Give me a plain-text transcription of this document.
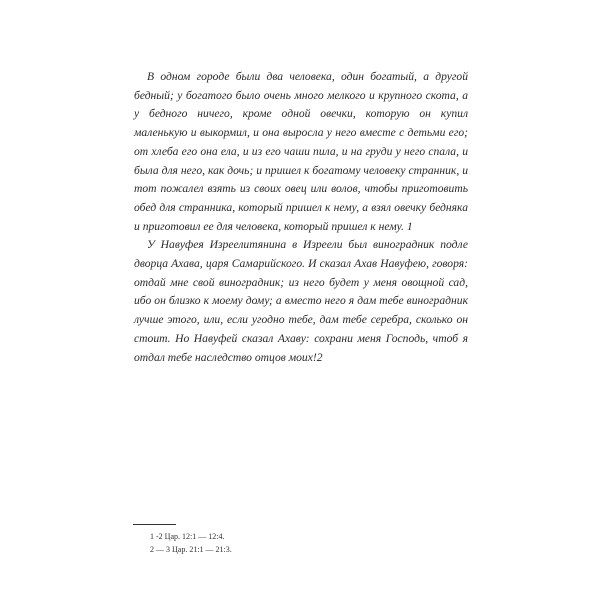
В одном городе были два человека, один богатый, а другой бедный; у богатого было очень много мелкого и крупного скота, а у бедного ничего, кроме одной овечки, которую он купил маленькую и выкормил, и она выросла у него вместе с детьми его; от хлеба его она ела, и из его чаши пила, и на груди у него спала, и была для него, как дочь; и пришел к богатому человеку странник, и тот пожалел взять из своих овец или волов, чтобы приготовить обед для странника, который пришел к нему, а взял овечку бедняка и приготовил ее для человека, который пришел к нему. 1

У Навуфея Изреелитянина в Изреели был виноградник подле дворца Ахава, царя Самарийского. И сказал Ахав Навуфею, говоря: отдай мне свой виноградник; из него будет у меня овощной сад, ибо он близко к моему дому; а вместо него я дам тебе виноградник лучше этого, или, если угодно тебе, дам тебе серебра, сколько он стоит. Но Навуфей сказал Ахаву: сохрани меня Господь, чтоб я отдал тебе наследство отцов моих!2

1 -2 Цар. 12:1 — 12:4.

2 — 3 Цар. 21:1 — 21:3.
